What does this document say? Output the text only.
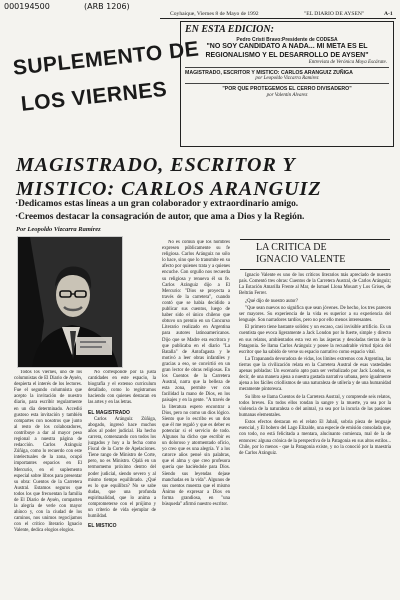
000194500	(ARB 1206)
Coyhaique, Viernes 8 de Mayo de 1992	"EL DIARIO DE AYSEN"	A-1
SUPLEMENTO DE
LOS VIERNES
EN ESTA EDICION:
Pedro Cristi Bravo:Presidente de CODESA
"NO SOY CANDIDATO A NADA... MI META ES EL REGIONALISMO Y EL DESARROLLO DE AYSEN"
Entrevista de Verónica Moya Escárate.
MAGISTRADO, ESCRITOR Y MISTICO: CARLOS ARANGUIZ ZUÑIGA
por Leopoldo Vizcarra Ramírez
"POR QUE PROTEGEMOS EL CERRO DIVISADERO"
por Valentín Alvarez
MAGISTRADO, ESCRITOR Y
MISTICO: CARLOS ARANGUIZ
·Dedicamos estas líneas a un gran colaborador y extraordinario amigo.
·Creemos destacar la consagración de autor, que ama a Dios y la Región.
Por Leopoldo Vizcarra Ramírez

Todos los viernes, uno de los columnistas de El Diario de Aysén, despierta el interés de los lectores. Fue el segundo columnista que acepto la invitación de nuestro diario, para escribir regularmente en un día determinado. Accedió gustoso esta invitación y también compartes con nosotros que junto al resto de los colaboradores, contribuye a dar al mayor peso regional a nuestra página de redacción. Carlos Aránguiz Zúñiga, como lo recuerdo con este intelectuales de la zona, ocupó importantes espacios en El Mercurio, en el suplemento especial sobre libros para presentar su obra: Cuentos de la Carretera Austral. Estamos seguros que todos los que frecuentan la familia de El Diario de Aysén, comparten la alegría de verle con mayor ahínco y, con la ciudad de los caminos, nos unimos regocijamos con el crítico literario Ignacio Valente, dedica elogios elogios.

No corresponde por la justa cantidades en este espacio, la biografía y el extenso curriculum detallado, como lo registramos haciendo con quienes destacan en las artes y en las letras.

EL MAGISTRADO

Carlos Aránguiz Zúñiga, abogado, ingresó hace muchos años al poder judicial. Ha hecho carrera, comenzando con todos los juzgados y hoy a la fecha como Fiscal de la Corte de Apelaciones. Tiene rango de Ministro de Corte, pero, no es Ministro. Ojalá en un termomemo próximo dentro del poder judicial, siendo severo y al mismo tiempo equilibrado. ¿Qué es lo que equilibra? No se sabe dudas, que una profunda espiritualidad, que lo anima a comprometerse con el prójimo y un criterio de vida ejemplar de humildad.

EL MISTICO

No es común que los hombres expresen públicamente su fe religiosa. Carlos Aránguiz no sólo lo hace, sino que lo transmite en su afecto por quienes trata y a quienes encuche. Con orgullo nos recuerda su religiosa y renueva él su fe. Carlos Aránguiz dijo a El Mercurio: "Dios se proyecta a través de la carretera", cuando contó que se había decidido a publicar sus cuentos, luego de haber sido el único chileno que obtuvo un premio en un Concurso Literario realizado en Argentina para autores latinoamericanos. Dijo que se Madre era escritora y que publicaba en el diario "La Batalla" de Antofagasta y le motivó a leer obras infantiles y gracias a eso, se convirtió en un gran lector de obras religiosas. En los Cuentos de la Carretera Austral, narra que la belleza de esta zona, permite ver con facilidad la mano de Dios, en los paisajes y en la gente. "A través de la literatura espero encontrar a Dios, pero no como un dios lógico. Siento que lo escribo es un don que él me regaló y que es deber es potenciar si el servicio de todo. Algunos ha dicho que escribir es un doloroso y atormentado oficio, yo creo que es una alegría. Y a los catorce años pensé sin palabras, que el alma y que creo profesora quería que haciéndole para Dios. Siendo sus leyendas dejase manchadas en la vida". Algunos de sus cuentos muestra que el mismo Ánimo de expresar a Dios en forma grandiosa, en "una búsqueda" afirmó nuestro escritor.

LA CRITICA DE
IGNACIO VALENTE

Ignacio Valente es uno de los críticos literarios más apreciado de nuestro país. Comentó tres obras: Cuentos de la Carretera Austral, de Carlos Aránguiz; La Estación Amarilla Frente al Mar, de Ismael Llona Mouart y Los Grises, de Beltrán Ferrer.

¿Qué dijo de nuestro autor?

"Que sean nuevos no significa que sean jóvenes. De hecho, los tres parecen ser mayores. Su experiencia de la vida es superior a su experiencia del lenguaje. Son narradores tardíos, pero no por ello menos interesantes.

El primero tiene bastante solidez y un escaso, casi invisible artificio. Es un cuentista que evoca ligeramente a Jack London por lo fuerte, simple y directo en sus relatos, ambientados esta vez en las ásperas y desoladas tierras de la Patagonia. Se llama Carlos Aránguiz y posee la recuadrable virtud típica del escritor que ha sabido de verse su espacio narrativo como espacio vital.

La Trapananda devoradora de vidas, los límites extremos con Argentina, las tierras que la civilización relata en la Carretera Austral de esas vastedades apenas pobladas: Un escenario apto para ser verbalizado por Jack London, es decir, de una manera ajena a nuestra gastada narrativa urbana, pero igualmente ajena a los fáciles criollismos de una naturaleza de utilería y de una humanidad meramente pintoresca.

Su libro se llama Cuentos de la Carretera Austral, y comprende seis relatos, todos breves. En todos ellos rondan la sangre y la muerte, ya sea por la violencia de la naturaleza o del animal, ya sea por la incuria de las pasiones humanas elementales.

Estos efectos destacan en el relato El Jabalí, sobria pieza de lenguaje esencial, y El bobero del Lago Elizalde, una especie de emisión consolada que, con todo, no está felicitada a mentara, alucinanto comienza, mal de la de entonces: alguna crónica de la perspectiva de la Patagonia en sus altos estilos... Chile, por lo menos - que la Patagonia existe, y no la conoció por la maestría de Carlos Aránguiz.
